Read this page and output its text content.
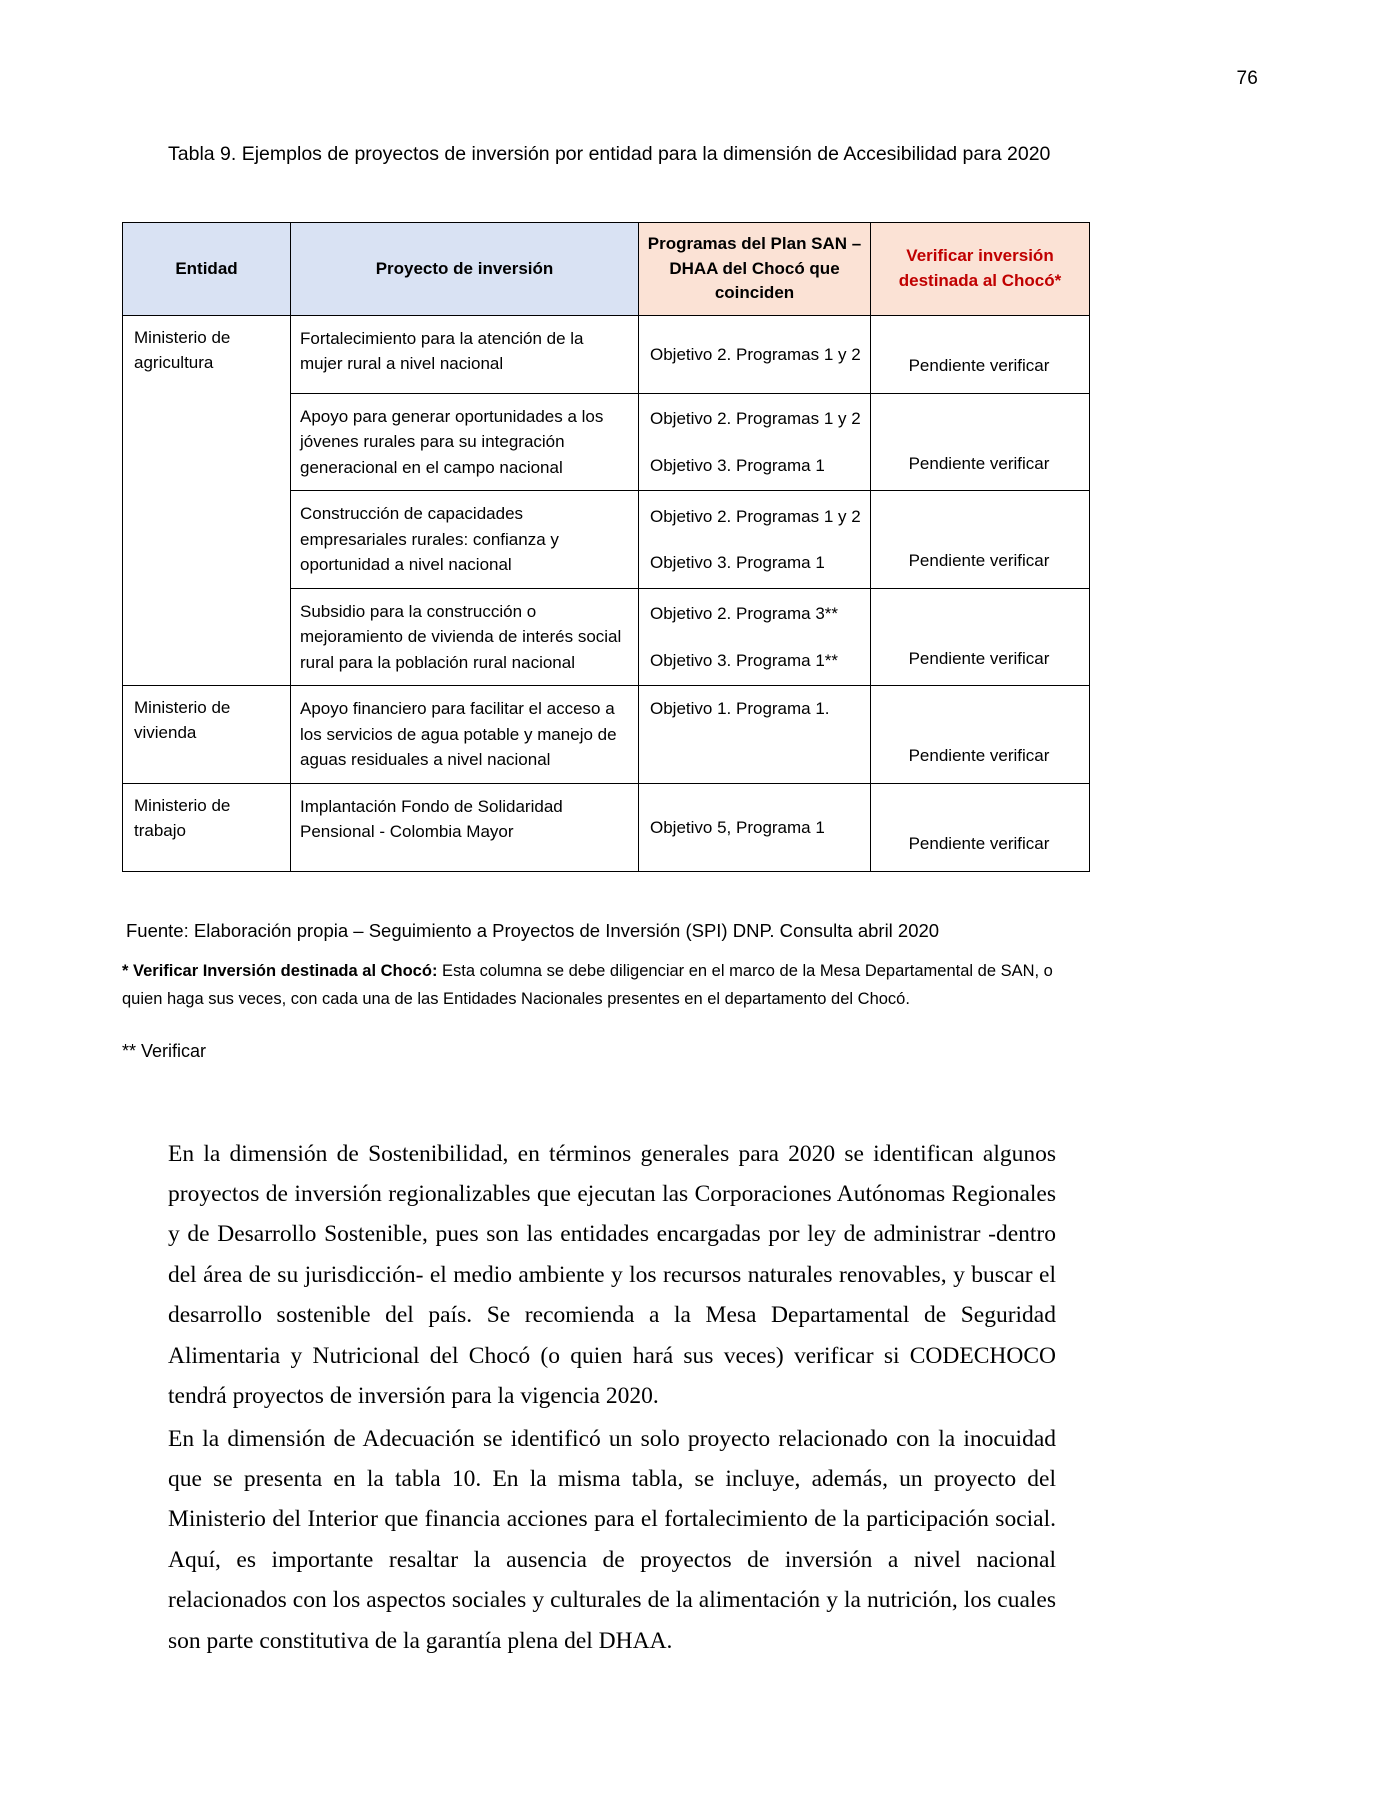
76
Tabla 9. Ejemplos de proyectos de inversión por entidad para la dimensión de Accesibilidad para 2020
Entidad	Proyecto de inversión	Programas del Plan SAN –
DHAA del Chocó que
coinciden	Verificar inversión
destinada al Chocó*
Ministerio de
agricultura	Fortalecimiento para la atención de la mujer rural a nivel nacional	Objetivo 2. Programas 1 y 2	Pendiente verificar

	Apoyo para generar oportunidades a los jóvenes rurales para su integración generacional en el campo nacional	Objetivo 2. Programas 1 y 2
Objetivo 3. Programa 1	Pendiente verificar

	Construcción de capacidades empresariales rurales: confianza y oportunidad a nivel nacional	Objetivo 2. Programas 1 y 2
Objetivo 3. Programa 1	Pendiente verificar

	Subsidio para la construcción o mejoramiento de vivienda de interés social rural para la población rural nacional	Objetivo 2. Programa 3**
Objetivo 3. Programa 1**	Pendiente verificar

Ministerio de
vivienda	Apoyo financiero para facilitar el acceso a los servicios de agua potable y manejo de aguas residuales a nivel nacional	Objetivo 1. Programa 1.	Pendiente verificar

Ministerio de
trabajo	Implantación Fondo de Solidaridad Pensional - Colombia Mayor	Objetivo 5, Programa 1	Pendiente verificar
Fuente: Elaboración propia – Seguimiento a Proyectos de Inversión (SPI) DNP. Consulta abril 2020
* Verificar Inversión destinada al Chocó: Esta columna se debe diligenciar en el marco de la Mesa Departamental de SAN, o quien haga sus veces, con cada una de las Entidades Nacionales presentes en el departamento del Chocó.
** Verificar

En la dimensión de Sostenibilidad, en términos generales para 2020 se identifican algunos proyectos de inversión regionalizables que ejecutan las Corporaciones Autónomas Regionales y de Desarrollo Sostenible, pues son las entidades encargadas por ley de administrar -dentro del área de su jurisdicción- el medio ambiente y los recursos naturales renovables, y buscar el desarrollo sostenible del país. Se recomienda a la Mesa Departamental de Seguridad Alimentaria y Nutricional del Chocó (o quien hará sus veces) verificar si CODECHOCO tendrá proyectos de inversión para la vigencia 2020.

En la dimensión de Adecuación se identificó un solo proyecto relacionado con la inocuidad que se presenta en la tabla 10. En la misma tabla, se incluye, además, un proyecto del Ministerio del Interior que financia acciones para el fortalecimiento de la participación social. Aquí, es importante resaltar la ausencia de proyectos de inversión a nivel nacional relacionados con los aspectos sociales y culturales de la alimentación y la nutrición, los cuales son parte constitutiva de la garantía plena del DHAA.
